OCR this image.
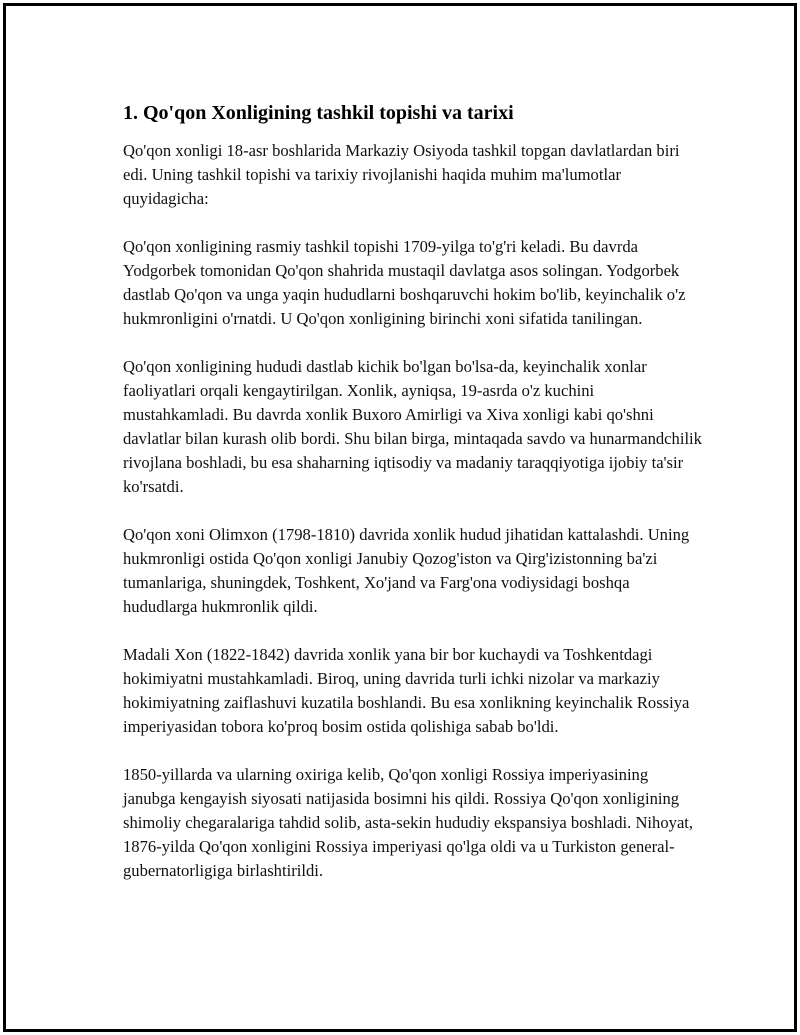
1. Qo'qon Xonligining tashkil topishi va tarixi

Qo'qon xonligi 18-asr boshlarida Markaziy Osiyoda tashkil topgan davlatlardan biri edi. Uning tashkil topishi va tarixiy rivojlanishi haqida muhim ma'lumotlar quyidagicha:

Qo'qon xonligining rasmiy tashkil topishi 1709-yilga to'g'ri keladi. Bu davrda Yodgorbek tomonidan Qo'qon shahrida mustaqil davlatga asos solingan. Yodgorbek dastlab Qo'qon va unga yaqin hududlarni boshqaruvchi hokim bo'lib, keyinchalik o'z hukmronligini o'rnatdi. U Qo'qon xonligining birinchi xoni sifatida tanilingan.

Qo'qon xonligining hududi dastlab kichik bo'lgan bo'lsa-da, keyinchalik xonlar faoliyatlari orqali kengaytirilgan. Xonlik, ayniqsa, 19-asrda o'z kuchini mustahkamladi. Bu davrda xonlik Buxoro Amirligi va Xiva xonligi kabi qo'shni davlatlar bilan kurash olib bordi. Shu bilan birga, mintaqada savdo va hunarmandchilik rivojlana boshladi, bu esa shaharning iqtisodiy va madaniy taraqqiyotiga ijobiy ta'sir ko'rsatdi.

Qo'qon xoni Olimxon (1798-1810) davrida xonlik hudud jihatidan kattalashdi. Uning hukmronligi ostida Qo'qon xonligi Janubiy Qozog'iston va Qirg'izistonning ba'zi tumanlariga, shuningdek, Toshkent, Xo'jand va Farg'ona vodiysidagi boshqa hududlarga hukmronlik qildi.

Madali Xon (1822-1842) davrida xonlik yana bir bor kuchaydi va Toshkentdagi hokimiyatni mustahkamladi. Biroq, uning davrida turli ichki nizolar va markaziy hokimiyatning zaiflashuvi kuzatila boshlandi. Bu esa xonlikning keyinchalik Rossiya imperiyasidan tobora ko'proq bosim ostida qolishiga sabab bo'ldi.

1850-yillarda va ularning oxiriga kelib, Qo'qon xonligi Rossiya imperiyasining janubga kengayish siyosati natijasida bosimni his qildi. Rossiya Qo'qon xonligining shimoliy chegaralariga tahdid solib, asta-sekin hududiy ekspansiya boshladi. Nihoyat, 1876-yilda Qo'qon xonligini Rossiya imperiyasi qo'lga oldi va u Turkiston general-gubernatorligiga birlashtirildi.
